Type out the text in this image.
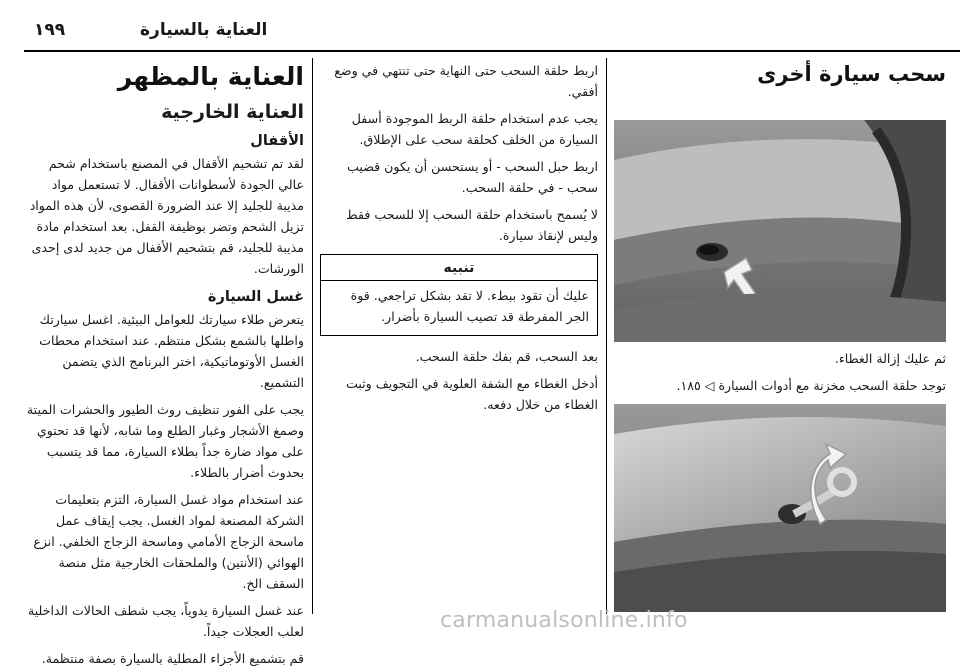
١٩٩	العناية بالسيارة
سحب سيارة أخرى
ثم عليك إزالة الغطاء.
توجد حلقة السحب مخزنة مع أدوات السيارة ◁ ١٨٥.

اربط حلقة السحب حتى النهاية حتى تنتهي في وضع أفقي.

يجب عدم استخدام حلقة الربط الموجودة أسفل السيارة من الخلف كحلقة سحب على الإطلاق.

اربط حبل السحب - أو يستحسن أن يكون قضيب سحب - في حلقة السحب.

لا يُسمح باستخدام حلقة السحب إلا للسحب فقط وليس لإنقاذ سيارة.

تنبيه
عليك أن تقود ببطء. لا تقد بشكل تراجعي. قوة الجر المفرطة قد تصيب السيارة بأضرار.

بعد السحب، قم بفك حلقة السحب.

أدخل الغطاء مع الشفة العلوية في التجويف وثبت الغطاء من خلال دفعه.

العناية بالمظهر
العناية الخارجية
الأقفال

لقد تم تشحيم الأقفال في المصنع باستخدام شحم عالي الجودة لأسطوانات الأقفال. لا تستعمل مواد مذيبة للجليد إلا عند الضرورة القصوى، لأن هذه المواد تزيل الشحم وتضر بوظيفة القفل. بعد استخدام مادة مذيبة للجليد، قم بتشحيم الأقفال من جديد لدى إحدى الورشات.

غسل السيارة

يتعرض طلاء سيارتك للعوامل البيئية. اغسل سيارتك واطلها بالشمع بشكل منتظم. عند استخدام محطات الغسل الأوتوماتيكية، اختر البرنامج الذي يتضمن التشميع.

يجب على الفور تنظيف روث الطيور والحشرات الميتة وصمغ الأشجار وغبار الطلع وما شابه، لأنها قد تحتوي على مواد ضارة جداً بطلاء السيارة، مما قد يتسبب بحدوث أضرار بالطلاء.

عند استخدام مواد غسل السيارة، التزم بتعليمات الشركة المصنعة لمواد الغسل. يجب إيقاف عمل ماسحة الزجاج الأمامي وماسحة الزجاج الخلفي. انزع الهوائي (الأنتين) والملحقات الخارجية مثل منصة السقف الخ.

عند غسل السيارة يدوياً، يجب شطف الحالات الداخلية لعلب العجلات جيداً.

قم بتشميع الأجزاء المطلية بالسيارة بصفة منتظمة.

carmanualsonline.info
